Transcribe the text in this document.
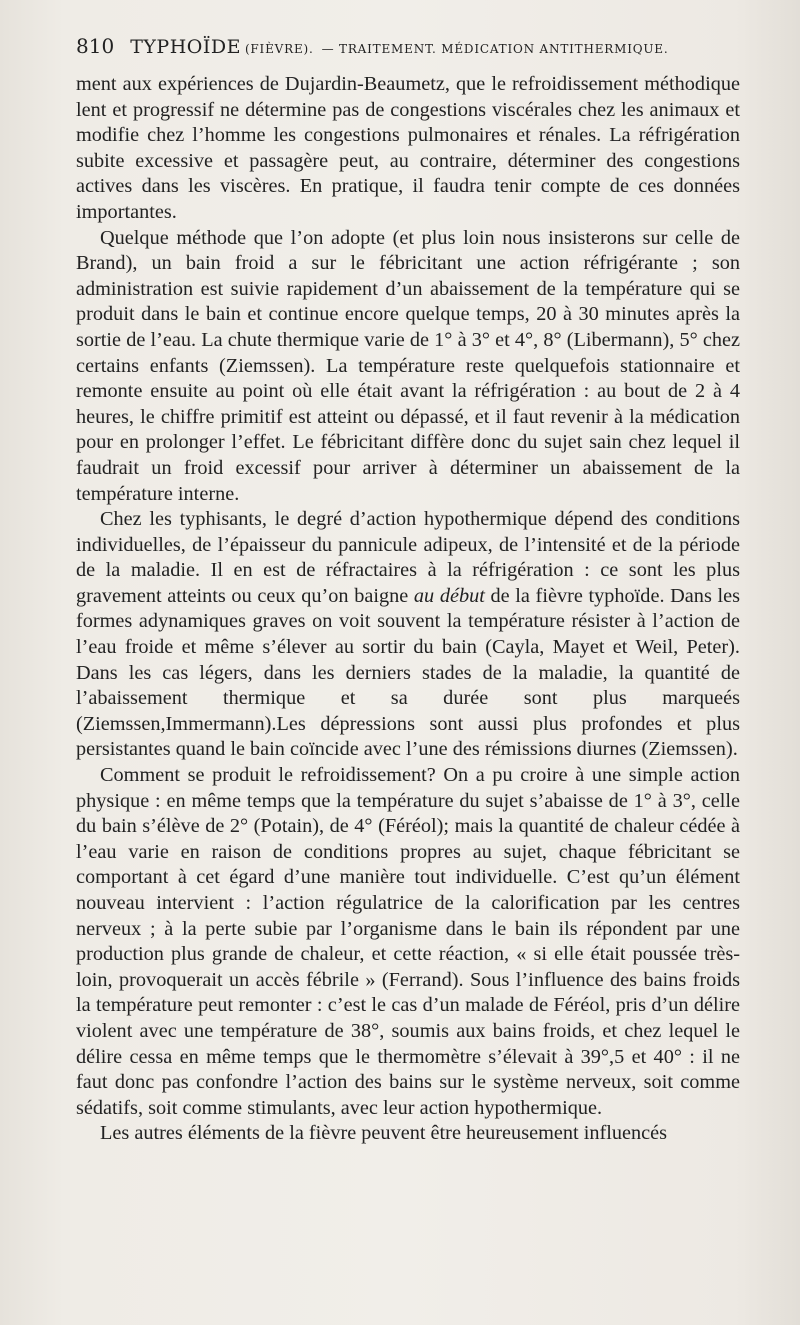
810 TYPHOÏDE (FIÈVRE). — TRAITEMENT. MÉDICATION ANTITHERMIQUE.

ment aux expériences de Dujardin-Beaumetz, que le refroidissement méthodique lent et progressif ne détermine pas de congestions viscérales chez les animaux et modifie chez l’homme les congestions pulmonaires et rénales. La réfrigération subite excessive et passagère peut, au contraire, déterminer des congestions actives dans les viscères. En pratique, il faudra tenir compte de ces données importantes.

Quelque méthode que l’on adopte (et plus loin nous insisterons sur celle de Brand), un bain froid a sur le fébricitant une action réfrigérante ; son administration est suivie rapidement d’un abaissement de la température qui se produit dans le bain et continue encore quelque temps, 20 à 30 minutes après la sortie de l’eau. La chute thermique varie de 1° à 3° et 4°, 8° (Libermann), 5° chez certains enfants (Ziemssen). La température reste quelquefois stationnaire et remonte ensuite au point où elle était avant la réfrigération : au bout de 2 à 4 heures, le chiffre primitif est atteint ou dépassé, et il faut revenir à la médication pour en prolonger l’effet. Le fébricitant diffère donc du sujet sain chez lequel il faudrait un froid excessif pour arriver à déterminer un abaissement de la température interne.

Chez les typhisants, le degré d’action hypothermique dépend des conditions individuelles, de l’épaisseur du pannicule adipeux, de l’intensité et de la période de la maladie. Il en est de réfractaires à la réfrigération : ce sont les plus gravement atteints ou ceux qu’on baigne au début de la fièvre typhoïde. Dans les formes adynamiques graves on voit souvent la température résister à l’action de l’eau froide et même s’élever au sortir du bain (Cayla, Mayet et Weil, Peter). Dans les cas légers, dans les derniers stades de la maladie, la quantité de l’abaissement thermique et sa durée sont plus marqueés (Ziemssen,Immermann).Les dépressions sont aussi plus profondes et plus persistantes quand le bain coïncide avec l’une des rémissions diurnes (Ziemssen).

Comment se produit le refroidissement? On a pu croire à une simple action physique : en même temps que la température du sujet s’abaisse de 1° à 3°, celle du bain s’élève de 2° (Potain), de 4° (Féréol); mais la quantité de chaleur cédée à l’eau varie en raison de conditions propres au sujet, chaque fébricitant se comportant à cet égard d’une manière tout individuelle. C’est qu’un élément nouveau intervient : l’action régulatrice de la calorification par les centres nerveux ; à la perte subie par l’organisme dans le bain ils répondent par une production plus grande de chaleur, et cette réaction, « si elle était poussée très-loin, provoquerait un accès fébrile » (Ferrand). Sous l’influence des bains froids la température peut remonter : c’est le cas d’un malade de Féréol, pris d’un délire violent avec une température de 38°, soumis aux bains froids, et chez lequel le délire cessa en même temps que le thermomètre s’élevait à 39°,5 et 40° : il ne faut donc pas confondre l’action des bains sur le système nerveux, soit comme sédatifs, soit comme stimulants, avec leur action hypothermique.

Les autres éléments de la fièvre peuvent être heureusement influencés
